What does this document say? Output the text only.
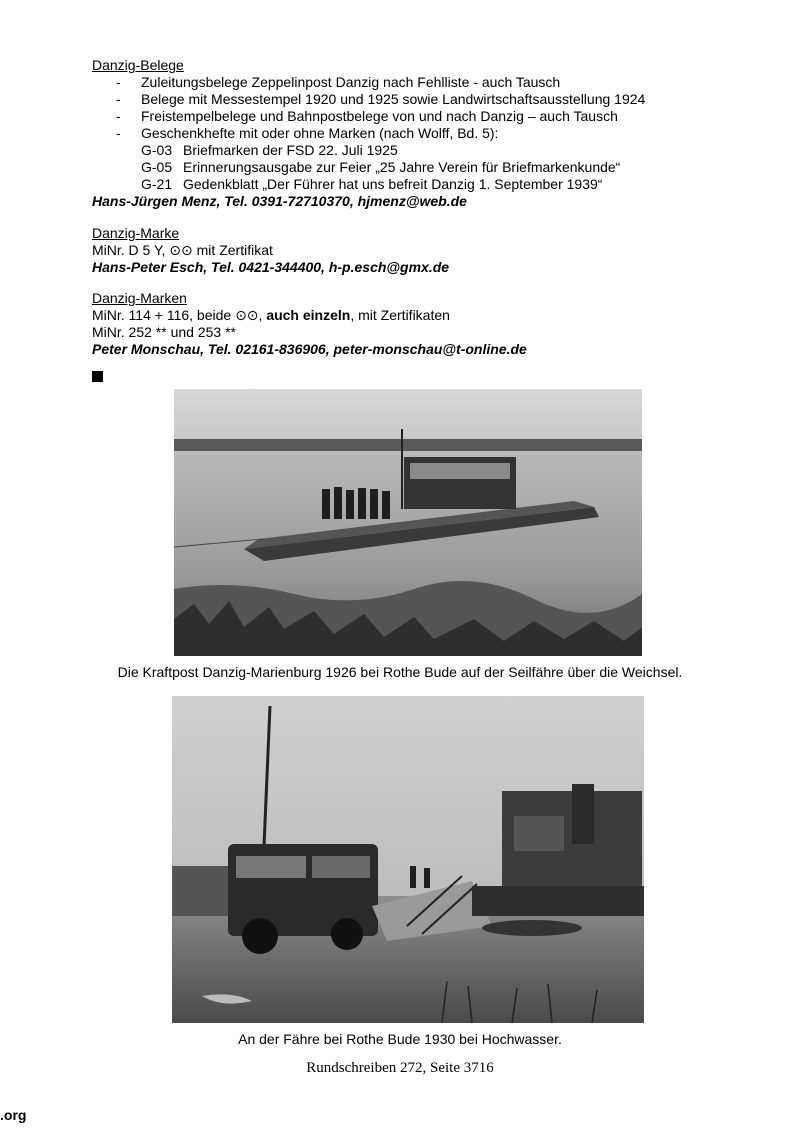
Danzig-Belege
- Zuleitungsbelege Zeppelinpost Danzig nach Fehlliste - auch Tausch
- Belege mit Messestempel 1920 und 1925 sowie Landwirtschaftsausstellung 1924
- Freistempelbelege und Bahnpostbelege von und nach Danzig – auch Tausch
- Geschenkhefte mit oder ohne Marken (nach Wolff, Bd. 5):
G-03 Briefmarken der FSD 22. Juli 1925
G-05 Erinnerungsausgabe zur Feier „25 Jahre Verein für Briefmarkenkunde“
G-21 Gedenkblatt „Der Führer hat uns befreit Danzig 1. September 1939“
Hans-Jürgen Menz, Tel. 0391-72710370, hjmenz@web.de
Danzig-Marke
MiNr. D 5 Y, ⊙⊙ mit Zertifikat
Hans-Peter Esch, Tel. 0421-344400, h-p.esch@gmx.de
Danzig-Marken
MiNr. 114 + 116, beide ⊙⊙, auch einzeln, mit Zertifikaten
MiNr. 252 ** und 253 **
Peter Monschau, Tel. 02161-836906, peter-monschau@t-online.de
Die Kraftpost Danzig-Marienburg 1926 bei Rothe Bude auf der Seilfähre über die Weichsel.
An der Fähre bei Rothe Bude 1930 bei Hochwasser.
Rundschreiben 272, Seite 3716
.org
